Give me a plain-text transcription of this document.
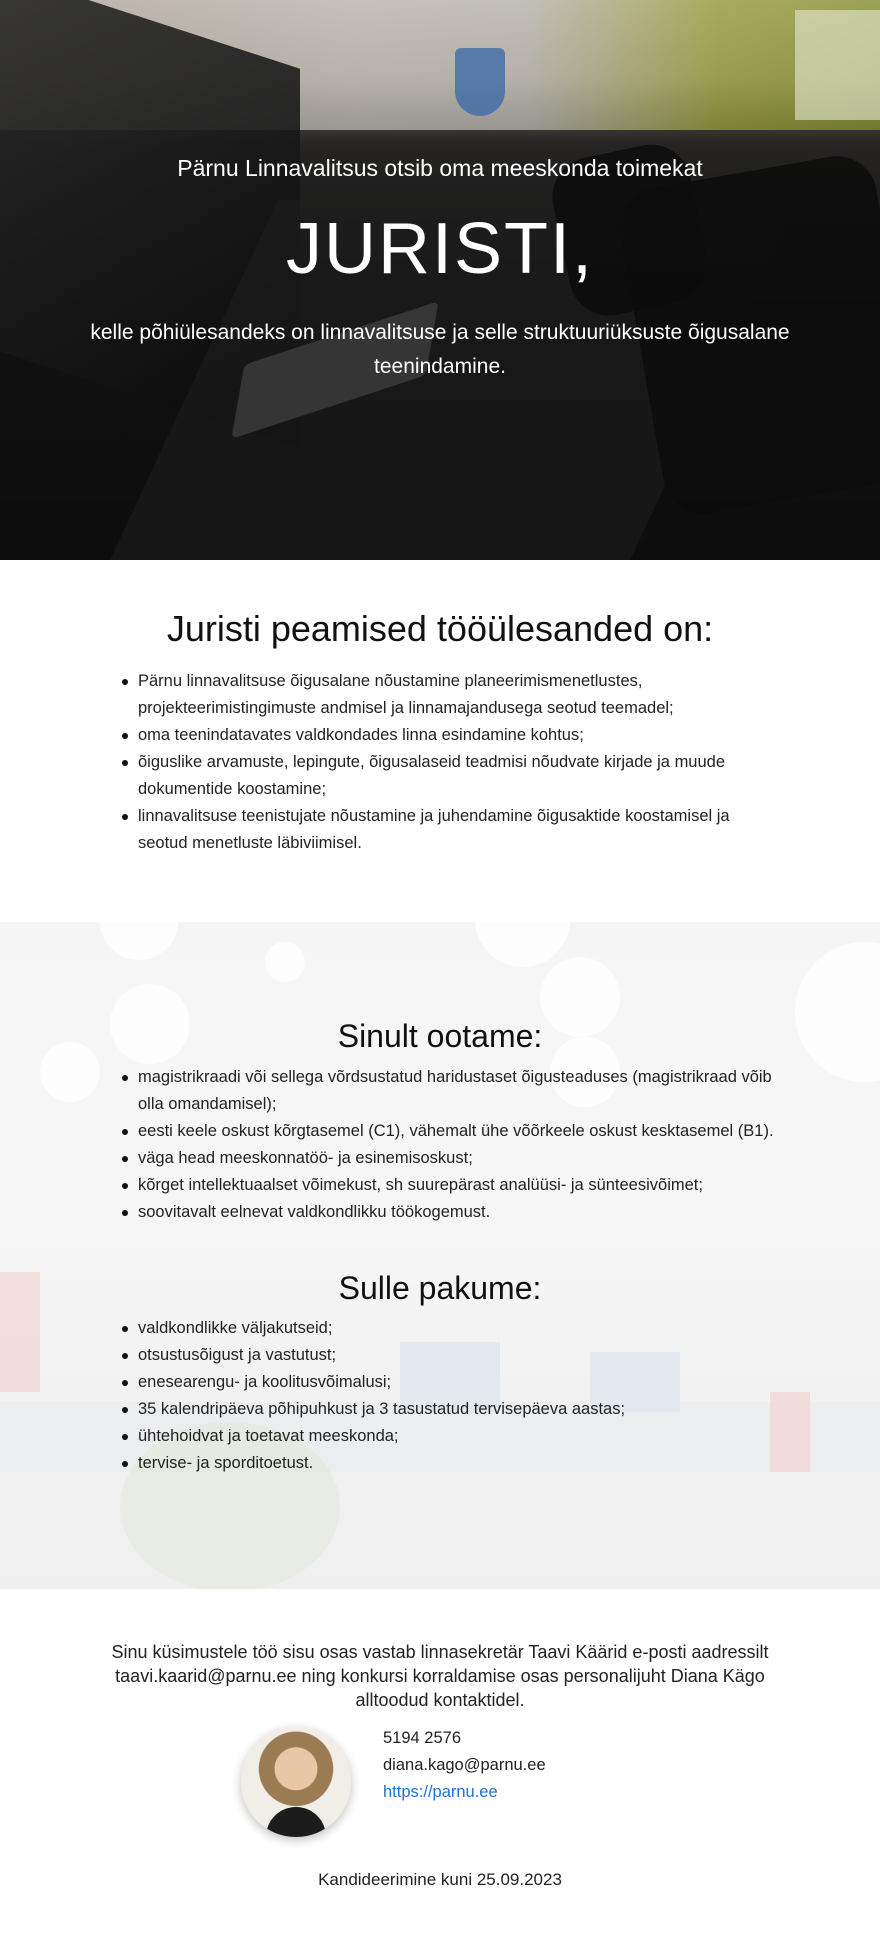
Pärnu Linnavalitsus otsib oma meeskonda toimekat
JURISTI,
kelle põhiülesandeks on linnavalitsuse ja selle struktuuriüksuste õigusalane teenindamine.
Juristi peamised tööülesanded on:
Pärnu linnavalitsuse õigusalane nõustamine planeerimismenetlustes, projekteerimistingimuste andmisel ja linnamajandusega seotud teemadel;
oma teenindatavates valdkondades linna esindamine kohtus;
õiguslike arvamuste, lepingute, õigusalaseid teadmisi nõudvate kirjade ja muude dokumentide koostamine;
linnavalitsuse teenistujate nõustamine ja juhendamine õigusaktide koostamisel ja seotud menetluste läbiviimisel.
Sinult ootame:
magistrikraadi või sellega võrdsustatud haridustaset õigusteaduses (magistrikraad võib olla omandamisel);
eesti keele oskust kõrgtasemel (C1), vähemalt ühe võõrkeele oskust kesktasemel (B1).
väga head meeskonnatöö- ja esinemisoskust;
kõrget intellektuaalset võimekust, sh suurepärast analüüsi- ja sünteesivõimet;
soovitavalt eelnevat valdkondlikku töökogemust.
Sulle pakume:
valdkondlikke väljakutseid;
otsustusõigust ja vastutust;
enesearengu- ja koolitusvõimalusi;
35 kalendripäeva põhipuhkust ja 3 tasustatud tervisepäeva aastas;
ühtehoidvat ja toetavat meeskonda;
tervise- ja sporditoetust.
Sinu küsimustele töö sisu osas vastab linnasekretär Taavi Käärid e-posti aadressilt taavi.kaarid@parnu.ee ning konkursi korraldamise osas personalijuht Diana Kägo alltoodud kontaktidel.
5194 2576
diana.kago@parnu.ee
https://parnu.ee
Kandideerimine kuni 25.09.2023
